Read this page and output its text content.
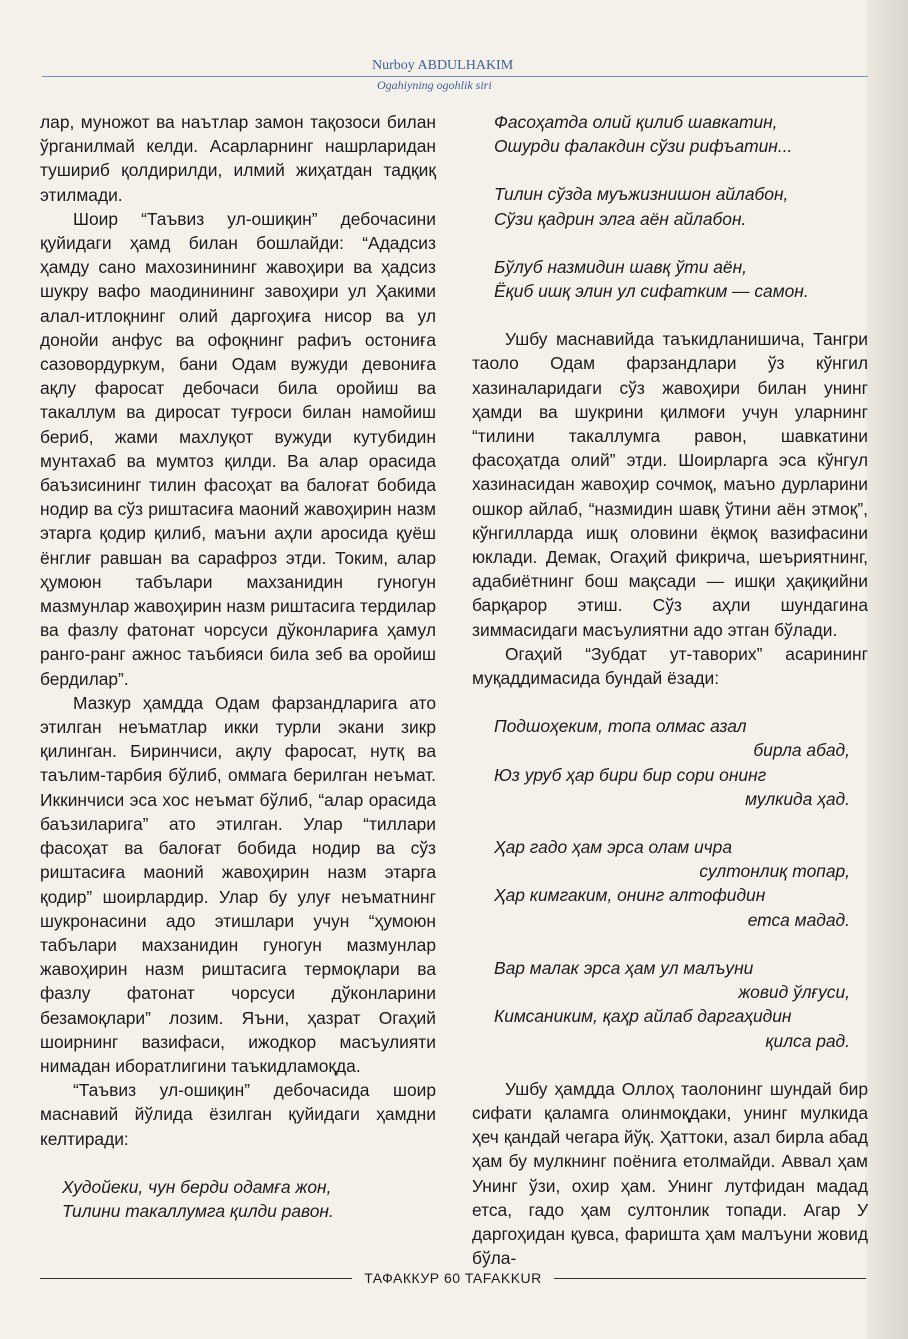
Nurboy ABDULHAKIM
Ogahiyning ogohlik siri
лар, муножот ва наътлар замон тақозоси билан ўрганилмай келди. Асарларнинг нашрларидан тушириб қолдирилди, илмий жиҳатдан тадқиқ этилмади.
Шоир “Таъвиз ул-ошиқин” дебочасини қуйидаги ҳамд билан бошлайди: “Ададсиз ҳамду сано махозинининг жавоҳири ва ҳадсиз шукру вафо маодинининг завоҳири ул Ҳакими алал-итлоқнинг олий даргоҳиға нисор ва ул донойи анфус ва офоқнинг рафиъ остониға сазовордуркум, бани Одам вужуди девониға ақлу фаросат дебочаси била оройиш ва такаллум ва диросат туғроси билан намойиш бериб, жами махлуқот вужуди кутубидин мунтахаб ва мумтоз қилди. Ва алар орасида баъзисининг тилин фасоҳат ва балоғат бобида нодир ва сўз риштасиға маоний жавоҳирин назм этарга қодир қилиб, маъни аҳли аросида қуёш ёнглиғ равшан ва сарафроз этди. Токим, алар ҳумоюн табълари махзанидин гуногун мазмунлар жавоҳирин назм риштасига тердилар ва фазлу фатонат чорсуси дўконлариға ҳамул ранго-ранг ажнос таъбияси била зеб ва оройиш бердилар”.
Мазкур ҳамдда Одам фарзандларига ато этилган неъматлар икки турли экани зикр қилинган. Биринчиси, ақлу фаросат, нутқ ва таълим-тарбия бўлиб, оммага берилган неъмат. Иккинчиси эса хос неъмат бўлиб, “алар орасида баъзиларига” ато этилган. Улар “тиллари фасоҳат ва балоғат бобида нодир ва сўз риштасиға маоний жавоҳирин назм этарга қодир” шоирлардир. Улар бу улуғ неъматнинг шукронасини адо этишлари учун “ҳумоюн табълари махзанидин гуногун мазмунлар жавоҳирин назм риштасига термоқлари ва фазлу фатонат чорсуси дўконларини безамоқлари” лозим. Яъни, ҳазрат Огаҳий шоирнинг вазифаси, ижодкор масъулияти нимадан иборатлигини таъкидламоқда.
“Таъвиз ул-ошиқин” дебочасида шоир маснавий йўлида ёзилган қуйидаги ҳамдни келтиради:
Худойеки, чун берди одамға жон,
Тилини такаллумга қилди равон.
Фасоҳатда олий қилиб шавкатин,
Ошурди фалакдин сўзи рифъатин...
Тилин сўзда муъжизнишон айлабон,
Сўзи қадрин элга аён айлабон.
Бўлуб назмидин шавқ ўти аён,
Ёқиб ишқ элин ул сифатким — самон.
Ушбу маснавийда таъкидланишича, Тангри таоло Одам фарзандлари ўз кўнгил хазиналаридаги сўз жавоҳири билан унинг ҳамди ва шукрини қилмоғи учун уларнинг “тилини такаллумга равон, шавкатини фасоҳатда олий” этди. Шоирларга эса кўнгул хазинасидан жавоҳир сочмоқ, маъно дурларини ошкор айлаб, “назмидин шавқ ўтини аён этмоқ”, кўнгилларда ишқ оловини ёқмоқ вазифасини юклади. Демак, Огаҳий фикрича, шеъриятнинг, адабиётнинг бош мақсади — ишқи ҳақиқийни барқарор этиш. Сўз аҳли шундагина зиммасидаги масъулиятни адо этган бўлади.
Огаҳий “Зубдат ут-таворих” асарининг муқаддимасида бундай ёзади:
Подшоҳеким, топа олмас азал
бирла абад,
Юз уруб ҳар бири бир сори онинг
мулкида ҳад.
Ҳар гадо ҳам эрса олам ичра
султонлиқ топар,
Ҳар кимгаким, онинг алтофидин
етса мадад.
Вар малак эрса ҳам ул малъуни
жовид ўлғуси,
Кимсаниким, қаҳр айлаб даргаҳидин
қилса рад.
Ушбу ҳамдда Оллоҳ таолонинг шундай бир сифати қаламга олинмоқдаки, унинг мулкида ҳеч қандай чегара йўқ. Ҳаттоки, азал бирла абад ҳам бу мулкнинг поёнига етолмайди. Аввал ҳам Унинг ўзи, охир ҳам. Унинг лутфидан мадад етса, гадо ҳам султонлик топади. Агар У даргоҳидан қувса, фаришта ҳам малъуни жовид бўла-
ТАФАККУР 60 TAFAKKUR
